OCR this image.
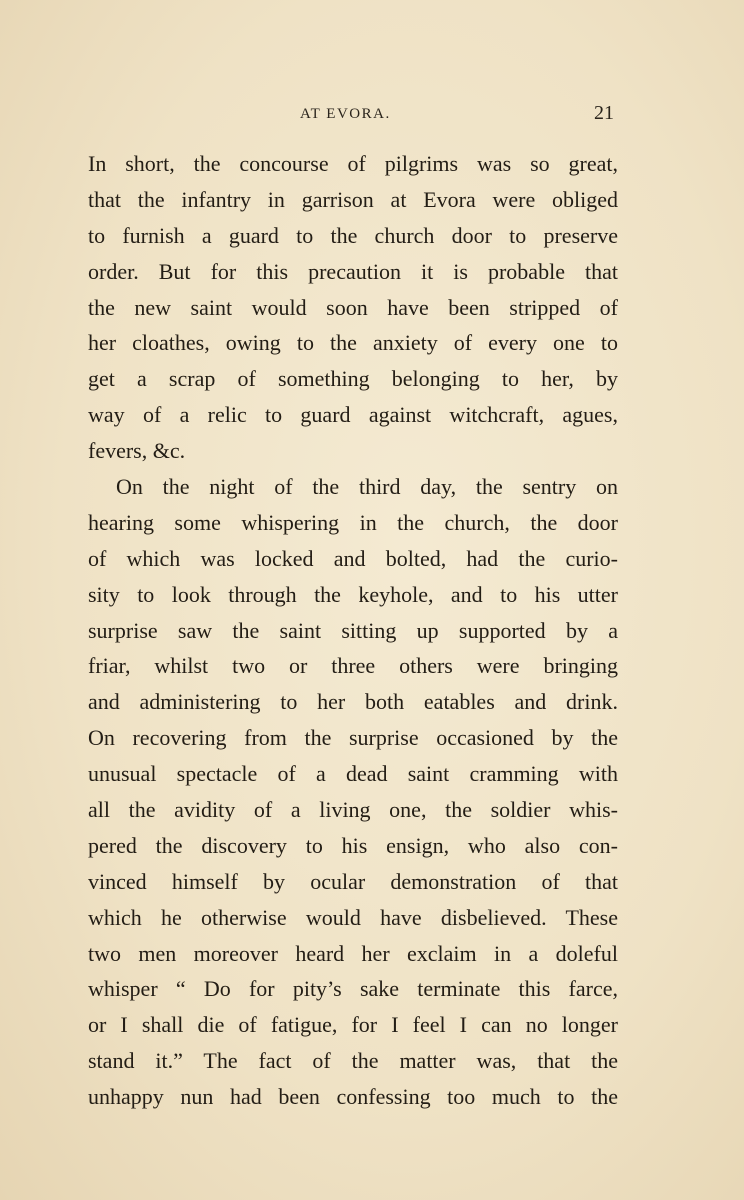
AT EVORA.	21
In short, the concourse of pilgrims was so great,
that the infantry in garrison at Evora were obliged
to furnish a guard to the church door to preserve
order. But for this precaution it is probable that
the new saint would soon have been stripped of
her cloathes, owing to the anxiety of every one to
get a scrap of something belonging to her, by
way of a relic to guard against witchcraft, agues,
fevers, &c.
On the night of the third day, the sentry on
hearing some whispering in the church, the door
of which was locked and bolted, had the curio-
sity to look through the keyhole, and to his utter
surprise saw the saint sitting up supported by a
friar, whilst two or three others were bringing
and administering to her both eatables and drink.
On recovering from the surprise occasioned by the
unusual spectacle of a dead saint cramming with
all the avidity of a living one, the soldier whis-
pered the discovery to his ensign, who also con-
vinced himself by ocular demonstration of that
which he otherwise would have disbelieved. These
two men moreover heard her exclaim in a doleful
whisper “ Do for pity’s sake terminate this farce,
or I shall die of fatigue, for I feel I can no longer
stand it.” The fact of the matter was, that the
unhappy nun had been confessing too much to the
